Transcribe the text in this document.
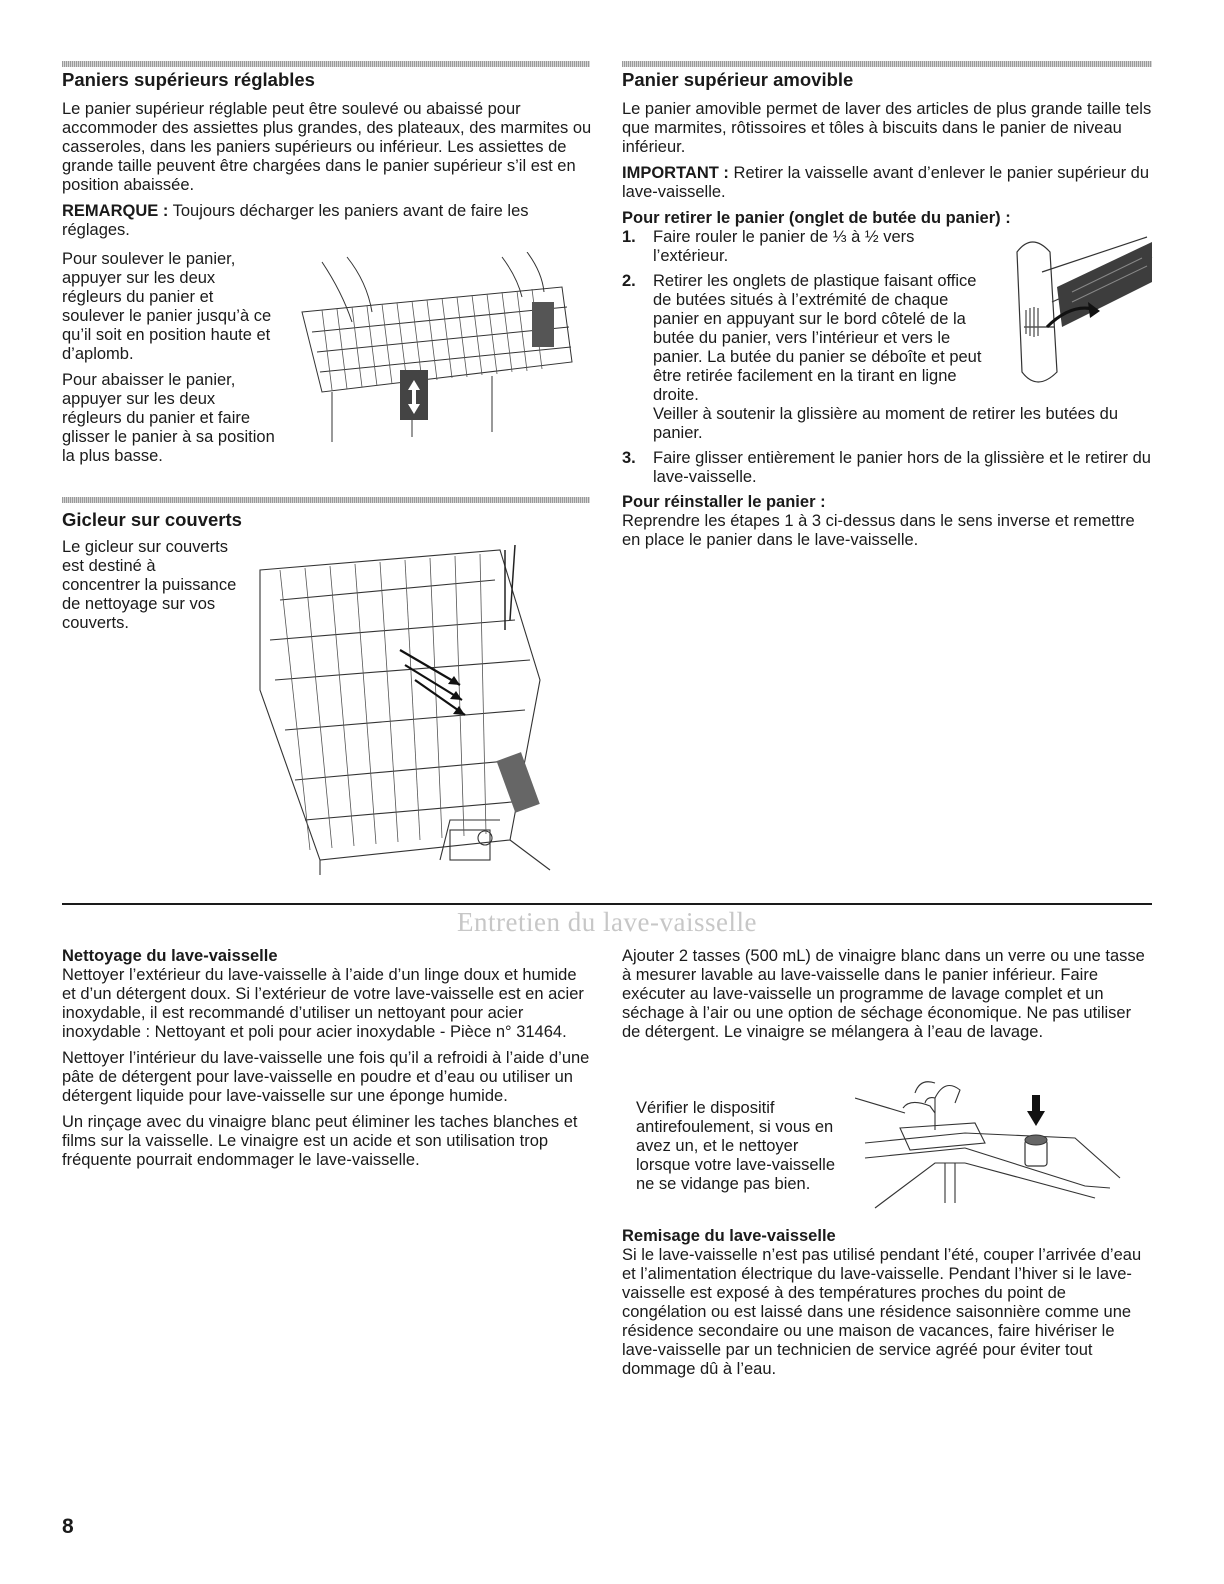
Paniers supérieurs réglables

Le panier supérieur réglable peut être soulevé ou abaissé pour accommoder des assiettes plus grandes, des plateaux, des marmites ou casseroles, dans les paniers supérieurs ou inférieur. Les assiettes de grande taille peuvent être chargées dans le panier supérieur s’il est en position abaissée.

REMARQUE : Toujours décharger les paniers avant de faire les réglages.

Pour soulever le panier, appuyer sur les deux régleurs du panier et soulever le panier jusqu’à ce qu’il soit en position haute et d’aplomb.

Pour abaisser le panier, appuyer sur les deux régleurs du panier et faire glisser le panier à sa position la plus basse.

Gicleur sur couverts

Le gicleur sur couverts est destiné à concentrer la puissance de nettoyage sur vos couverts.

Panier supérieur amovible

Le panier amovible permet de laver des articles de plus grande taille tels que marmites, rôtissoires et tôles à biscuits dans le panier de niveau inférieur.

IMPORTANT : Retirer la vaisselle avant d’enlever le panier supérieur du lave-vaisselle.

Pour retirer le panier (onglet de butée du panier) :

1. Faire rouler le panier de ⅓ à ½ vers l’extérieur.

2. Retirer les onglets de plastique faisant office de butées situés à l’extrémité de chaque panier en appuyant sur le bord côtelé de la butée du panier, vers l’intérieur et vers le panier. La butée du panier se déboîte et peut être retirée facilement en la tirant en ligne droite.

Veiller à soutenir la glissière au moment de retirer les butées du panier.

3. Faire glisser entièrement le panier hors de la glissière et le retirer du lave-vaisselle.

Pour réinstaller le panier :

Reprendre les étapes 1 à 3 ci-dessus dans le sens inverse et remettre en place le panier dans le lave-vaisselle.

Entretien du lave-vaisselle

Nettoyage du lave-vaisselle

Nettoyer l’extérieur du lave-vaisselle à l’aide d’un linge doux et humide et d’un détergent doux. Si l’extérieur de votre lave-vaisselle est en acier inoxydable, il est recommandé d’utiliser un nettoyant pour acier inoxydable : Nettoyant et poli pour acier inoxydable - Pièce n° 31464.

Nettoyer l’intérieur du lave-vaisselle une fois qu’il a refroidi à l’aide d’une pâte de détergent pour lave-vaisselle en poudre et d’eau ou utiliser un détergent liquide pour lave-vaisselle sur une éponge humide.

Un rinçage avec du vinaigre blanc peut éliminer les taches blanches et films sur la vaisselle. Le vinaigre est un acide et son utilisation trop fréquente pourrait endommager le lave-vaisselle.

Ajouter 2 tasses (500 mL) de vinaigre blanc dans un verre ou une tasse à mesurer lavable au lave-vaisselle dans le panier inférieur. Faire exécuter au lave-vaisselle un programme de lavage complet et un séchage à l’air ou une option de séchage économique. Ne pas utiliser de détergent. Le vinaigre se mélangera à l’eau de lavage.

Vérifier le dispositif antirefoulement, si vous en avez un, et le nettoyer lorsque votre lave-vaisselle ne se vidange pas bien.

Remisage du lave-vaisselle

Si le lave-vaisselle n’est pas utilisé pendant l’été, couper l’arrivée d’eau et l’alimentation électrique du lave-vaisselle. Pendant l’hiver si le lave-vaisselle est exposé à des températures proches du point de congélation ou est laissé dans une résidence saisonnière comme une résidence secondaire ou une maison de vacances, faire hivériser le lave-vaisselle par un technicien de service agréé pour éviter tout dommage dû à l’eau.

8
